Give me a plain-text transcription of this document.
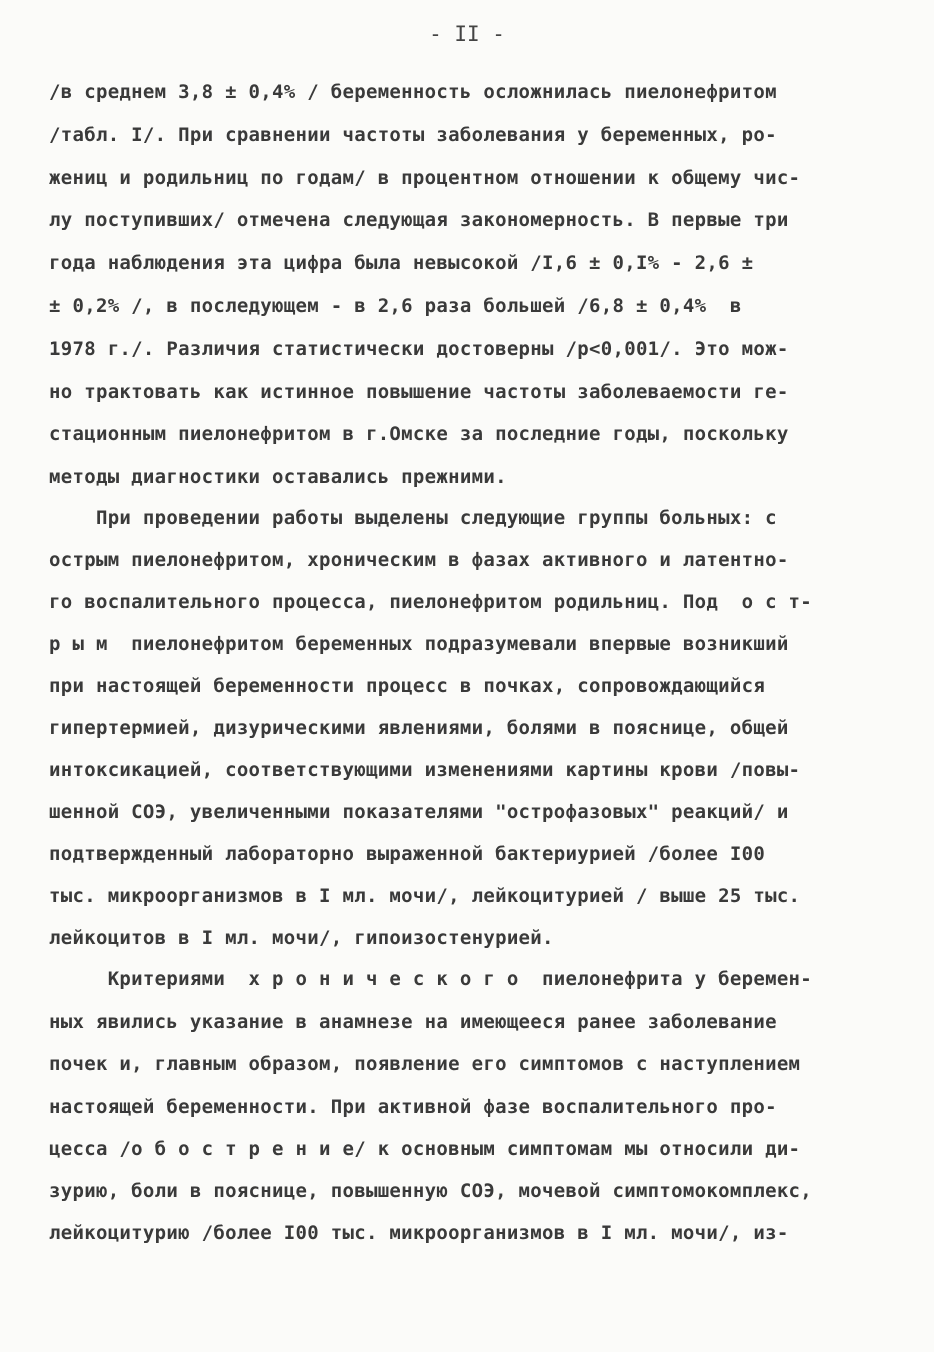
- II -
/в среднем 3,8 ± 0,4% / беременность осложнилась пиелонефритом
/табл. I/. При сравнении частоты заболевания у беременных, ро-
жениц и родильниц по годам/ в процентном отношении к общему чис-
лу поступивших/ отмечена следующая закономерность. В первые три
года наблюдения эта цифра была невысокой /I,6 ± 0,I% - 2,6 ±
± 0,2% /, в последующем - в 2,6 раза большей /6,8 ± 0,4%  в
1978 г./. Различия статистически достоверны /р<0,001/. Это мож-
но трактовать как истинное повышение частоты заболеваемости ге-
стационным пиелонефритом в г.Омске за последние годы, поскольку
методы диагностики оставались прежними.
При проведении работы выделены следующие группы больных: с
острым пиелонефритом, хроническим в фазах активного и латентно-
го воспалительного процесса, пиелонефритом родильниц. Под  о с т-
р ы м  пиелонефритом беременных подразумевали впервые возникший
при настоящей беременности процесс в почках, сопровождающийся
гипертермией, дизурическими явлениями, болями в пояснице, общей
интоксикацией, соответствующими изменениями картины крови /повы-
шенной СОЭ, увеличенными показателями "острофазовых" реакций/ и
подтвержденный лабораторно выраженной бактериурией /более I00
тыс. микроорганизмов в I мл. мочи/, лейкоцитурией / выше 25 тыс.
лейкоцитов в I мл. мочи/, гипоизостенурией.
Критериями  х р о н и ч е с к о г о  пиелонефрита у беремен-
ных явились указание в анамнезе на имеющееся ранее заболевание
почек и, главным образом, появление его симптомов с наступлением
настоящей беременности. При активной фазе воспалительного про-
цесса /о б о с т р е н и е/ к основным симптомам мы относили ди-
зурию, боли в пояснице, повышенную СОЭ, мочевой симптомокомплекс,
лейкоцитурию /более I00 тыс. микроорганизмов в I мл. мочи/, из-
